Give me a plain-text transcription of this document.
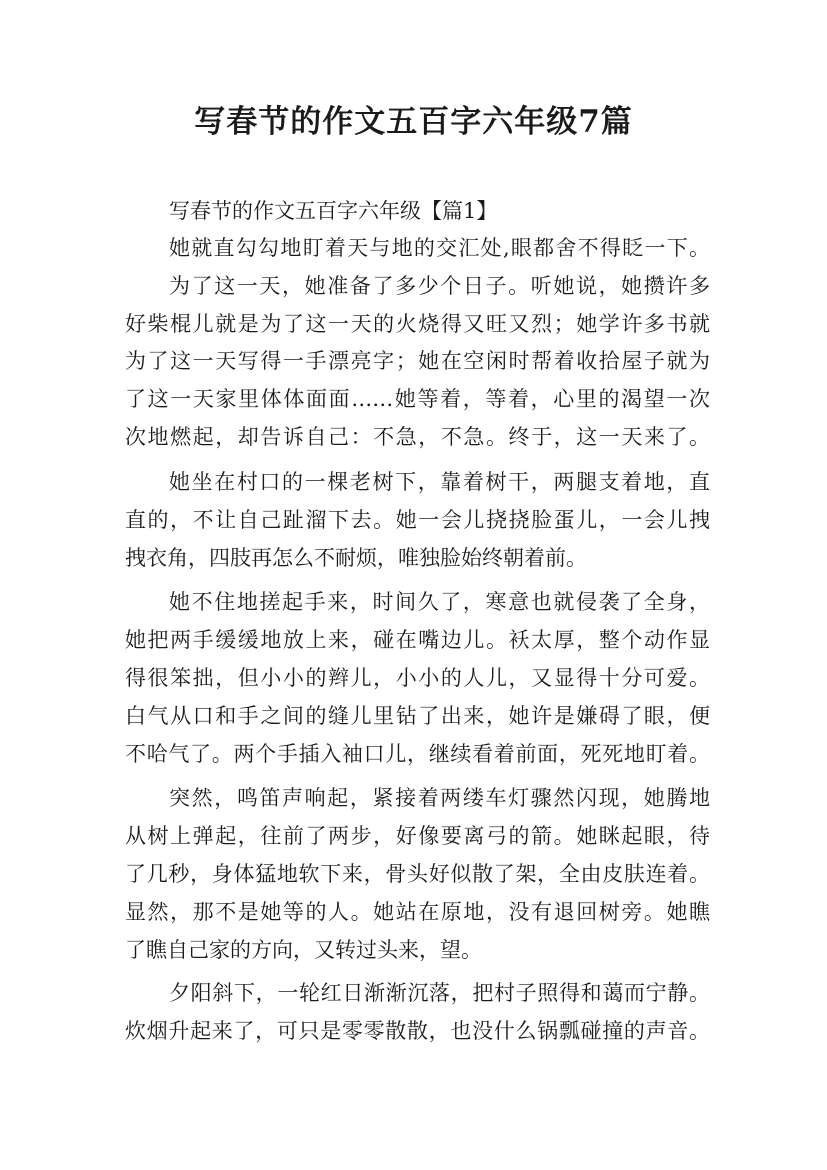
写春节的作文五百字六年级7篇
写春节的作文五百字六年级【篇1】
她就直勾勾地盯着天与地的交汇处,眼都舍不得眨一下。
为了这一天，她准备了多少个日子。听她说，她攒许多
好柴棍儿就是为了这一天的火烧得又旺又烈；她学许多书就
为了这一天写得一手漂亮字；她在空闲时帮着收拾屋子就为
了这一天家里体体面面……她等着，等着，心里的渴望一次
次地燃起，却告诉自己：不急，不急。终于，这一天来了。
她坐在村口的一棵老树下，靠着树干，两腿支着地，直
直的，不让自己趾溜下去。她一会儿挠挠脸蛋儿，一会儿拽
拽衣角，四肢再怎么不耐烦，唯独脸始终朝着前。
她不住地搓起手来，时间久了，寒意也就侵袭了全身，
她把两手缓缓地放上来，碰在嘴边儿。袄太厚，整个动作显
得很笨拙，但小小的辫儿，小小的人儿，又显得十分可爱。
白气从口和手之间的缝儿里钻了出来，她许是嫌碍了眼，便
不哈气了。两个手插入袖口儿，继续看着前面，死死地盯着。
突然，鸣笛声响起，紧接着两缕车灯骤然闪现，她腾地
从树上弹起，往前了两步，好像要离弓的箭。她眯起眼，待
了几秒，身体猛地软下来，骨头好似散了架，全由皮肤连着。
显然，那不是她等的人。她站在原地，没有退回树旁。她瞧
了瞧自己家的方向，又转过头来，望。
夕阳斜下，一轮红日渐渐沉落，把村子照得和蔼而宁静。
炊烟升起来了，可只是零零散散，也没什么锅瓢碰撞的声音。
